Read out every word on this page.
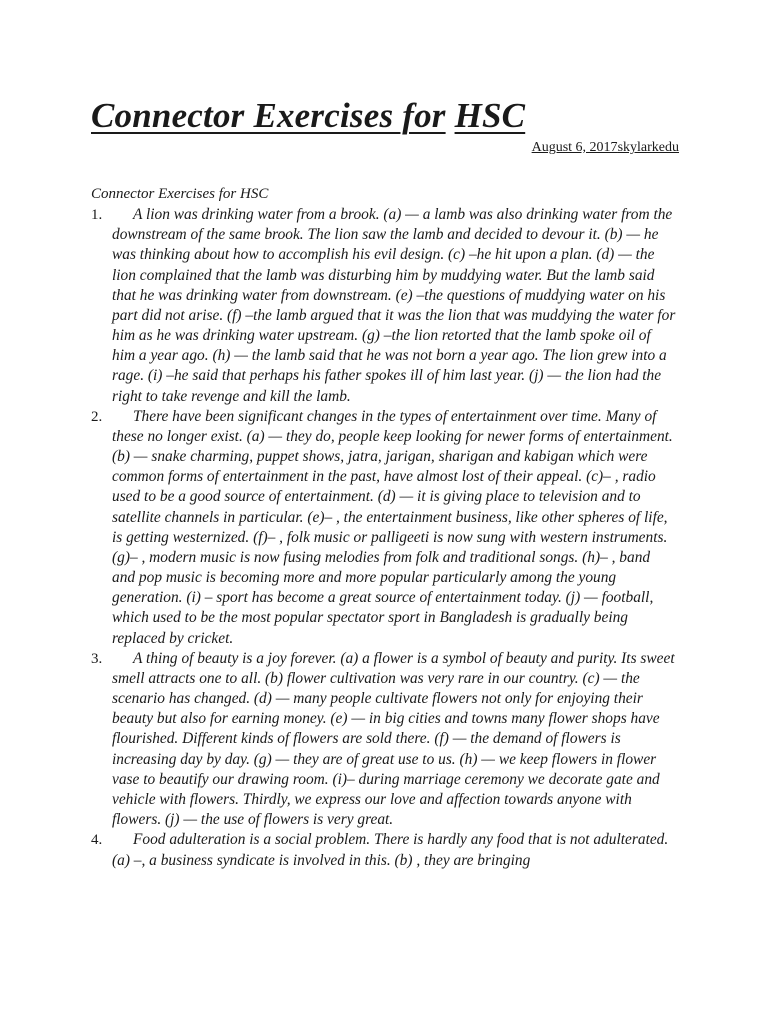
Connector Exercises for HSC

August 6, 2017skylarkedu

Connector Exercises for HSC

1.	A lion was drinking water from a brook. (a) — a lamb was also drinking water from the downstream of the same brook. The lion saw the lamb and decided to devour it. (b) — he was thinking about how to accomplish his evil design. (c) –he hit upon a plan. (d) — the lion complained that the lamb was disturbing him by muddying water. But the lamb said that he was drinking water from downstream. (e) –the questions of muddying water on his part did not arise. (f) –the lamb argued that it was the lion that was muddying the water for him as he was drinking water upstream. (g) –the lion retorted that the lamb spoke oil of him a year ago. (h) — the lamb said that he was not born a year ago. The lion grew into a rage. (i) –he said that perhaps his father spokes ill of him last year. (j) — the lion had the right to take revenge and kill the lamb.

2.	There have been significant changes in the types of entertainment over time. Many of these no longer exist. (a) — they do, people keep looking for newer forms of entertainment. (b) — snake charming, puppet shows, jatra, jarigan, sharigan and kabigan which were common forms of entertainment in the past, have almost lost of their appeal. (c)– , radio used to be a good source of entertainment. (d) — it is giving place to television and to satellite channels in particular. (e)– , the entertainment business, like other spheres of life, is getting westernized. (f)– , folk music or palligeeti is now sung with western instruments. (g)– , modern music is now fusing melodies from folk and traditional songs. (h)– , band and pop music is becoming more and more popular particularly among the young generation. (i) – sport has become a great source of entertainment today. (j) — football, which used to be the most popular spectator sport in Bangladesh is gradually being replaced by cricket.

3.	A thing of beauty is a joy forever. (a) a flower is a symbol of beauty and purity. Its sweet smell attracts one to all. (b) flower cultivation was very rare in our country. (c) — the scenario has changed. (d) — many people cultivate flowers not only for enjoying their beauty but also for earning money. (e) — in big cities and towns many flower shops have flourished. Different kinds of flowers are sold there. (f) — the demand of flowers is increasing day by day. (g) — they are of great use to us. (h) — we keep flowers in flower vase to beautify our drawing room. (i)– during marriage ceremony we decorate gate and vehicle with flowers. Thirdly, we express our love and affection towards anyone with flowers. (j) — the use of flowers is very great.

4.	Food adulteration is a social problem. There is hardly any food that is not adulterated. (a) –, a business syndicate is involved in this. (b) , they are bringing
